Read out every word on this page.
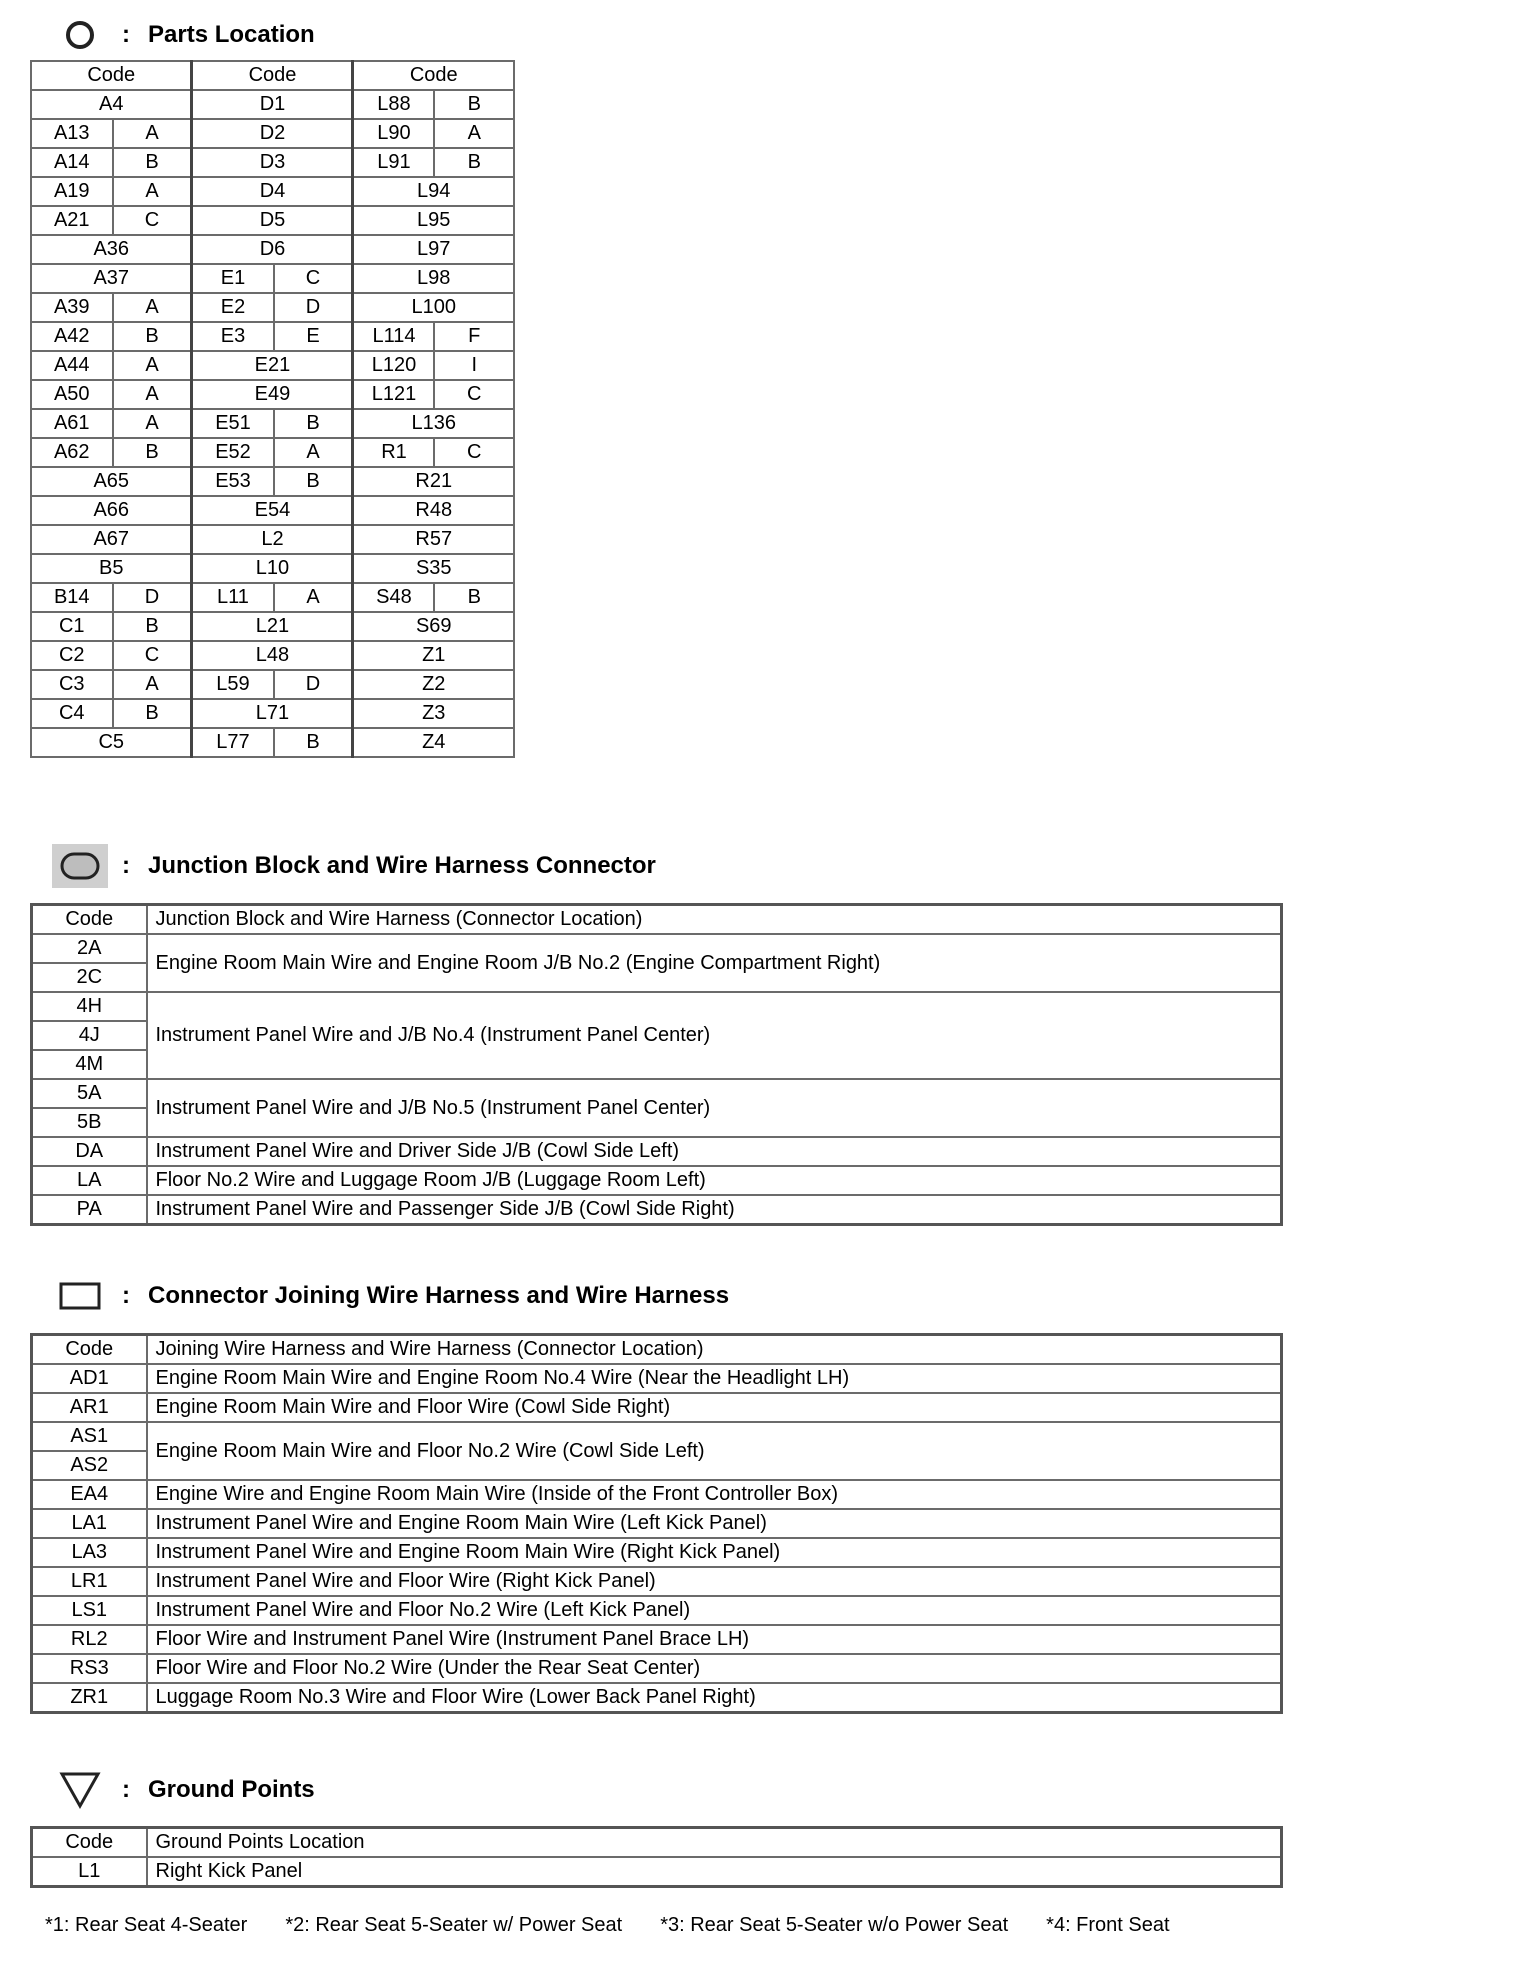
: Parts Location
Code		Code		Code	
A4		D1		L88	B
A13	A	D2		L90	A
A14	B	D3		L91	B
A19	A	D4		L94	
A21	C	D5		L95	
A36		D6		L97	
A37		E1	C	L98	
A39	A	E2	D	L100	
A42	B	E3	E	L114	F
A44	A	E21		L120	I
A50	A	E49		L121	C
A61	A	E51	B	L136	
A62	B	E52	A	R1	C
A65		E53	B	R21	
A66		E54		R48	
A67		L2		R57	
B5		L10		S35	
B14	D	L11	A	S48	B
C1	B	L21		S69	
C2	C	L48		Z1	
C3	A	L59	D	Z2	
C4	B	L71		Z3	
C5		L77	B	Z4	
: Junction Block and Wire Harness Connector
Code	Junction Block and Wire Harness (Connector Location)
2A	Engine Room Main Wire and Engine Room J/B No.2 (Engine Compartment Right)
2C	
4H	Instrument Panel Wire and J/B No.4 (Instrument Panel Center)
4J	
4M	
5A	Instrument Panel Wire and J/B No.5 (Instrument Panel Center)
5B	
DA	Instrument Panel Wire and Driver Side J/B (Cowl Side Left)
LA	Floor No.2 Wire and Luggage Room J/B (Luggage Room Left)
PA	Instrument Panel Wire and Passenger Side J/B (Cowl Side Right)
: Connector Joining Wire Harness and Wire Harness
Code	Joining Wire Harness and Wire Harness (Connector Location)
AD1	Engine Room Main Wire and Engine Room No.4 Wire (Near the Headlight LH)
AR1	Engine Room Main Wire and Floor Wire (Cowl Side Right)
AS1	Engine Room Main Wire and Floor No.2 Wire (Cowl Side Left)
AS2	
EA4	Engine Wire and Engine Room Main Wire (Inside of the Front Controller Box)
LA1	Instrument Panel Wire and Engine Room Main Wire (Left Kick Panel)
LA3	Instrument Panel Wire and Engine Room Main Wire (Right Kick Panel)
LR1	Instrument Panel Wire and Floor Wire (Right Kick Panel)
LS1	Instrument Panel Wire and Floor No.2 Wire (Left Kick Panel)
RL2	Floor Wire and Instrument Panel Wire (Instrument Panel Brace LH)
RS3	Floor Wire and Floor No.2 Wire (Under the Rear Seat Center)
ZR1	Luggage Room No.3 Wire and Floor Wire (Lower Back Panel Right)
: Ground Points
Code	Ground Points Location
L1	Right Kick Panel
*1: Rear Seat 4-Seater *2: Rear Seat 5-Seater w/ Power Seat *3: Rear Seat 5-Seater w/o Power Seat *4: Front Seat
